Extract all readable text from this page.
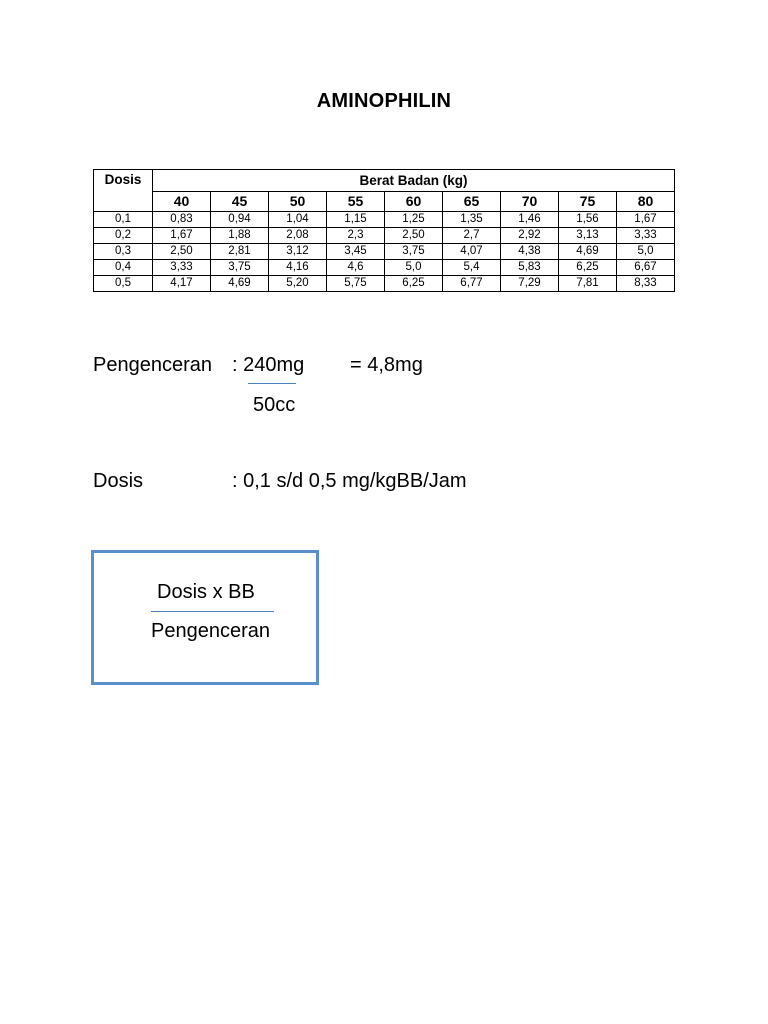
AMINOPHILIN
Dosis	Berat Badan (kg)								
	40	45	50	55	60	65	70	75	80
0,1	0,83	0,94	1,04	1,15	1,25	1,35	1,46	1,56	1,67
0,2	1,67	1,88	2,08	2,3	2,50	2,7	2,92	3,13	3,33
0,3	2,50	2,81	3,12	3,45	3,75	4,07	4,38	4,69	5,0
0,4	3,33	3,75	4,16	4,6	5,0	5,4	5,83	6,25	6,67
0,5	4,17	4,69	5,20	5,75	6,25	6,77	7,29	7,81	8,33
Pengenceran : 240mg = 4,8mg
50cc
Dosis	: 0,1 s/d 0,5 mg/kgBB/Jam
Dosis x BB
Pengenceran
